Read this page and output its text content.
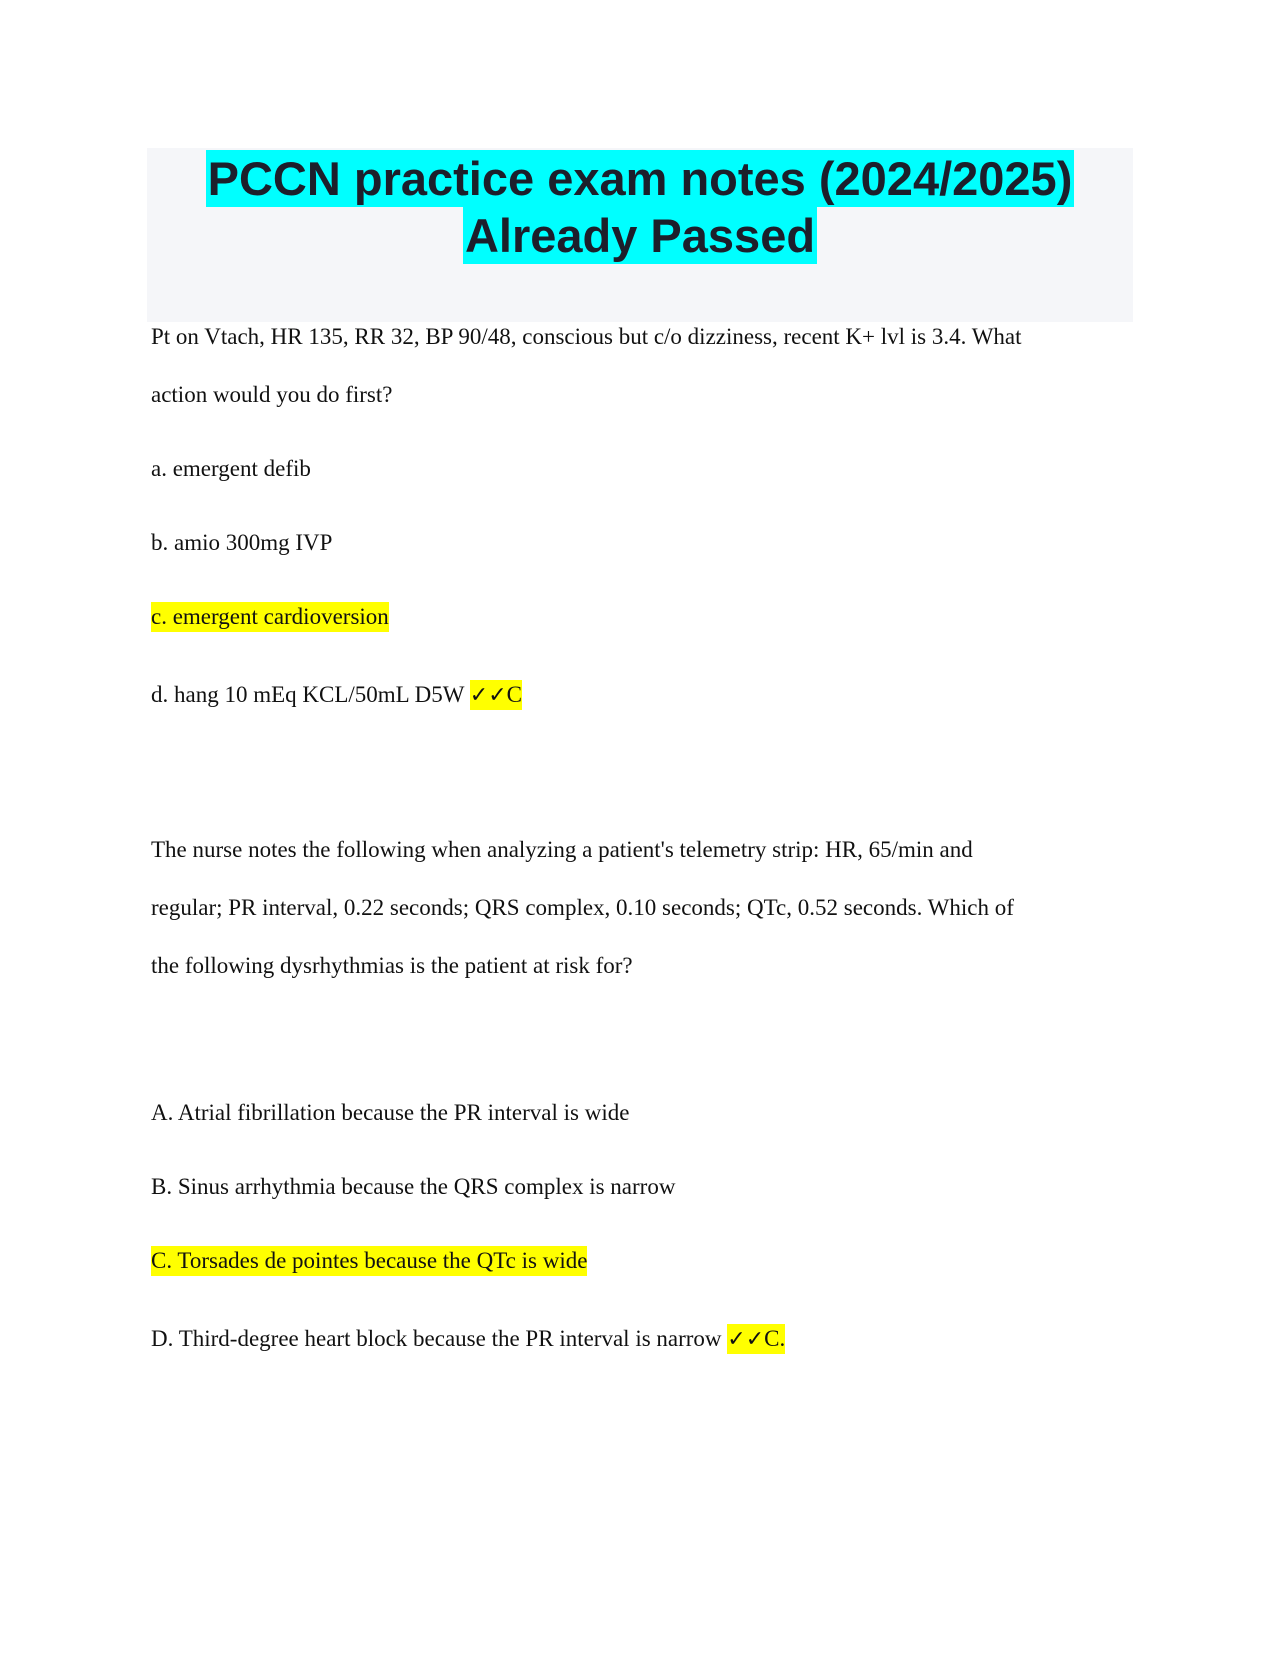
PCCN practice exam notes (2024/2025)
Already Passed
Pt on Vtach, HR 135, RR 32, BP 90/48, conscious but c/o dizziness, recent K+ lvl is 3.4. What
action would you do first?
a. emergent defib
b. amio 300mg IVP
c. emergent cardioversion
d. hang 10 mEq KCL/50mL D5W ✓✓C
The nurse notes the following when analyzing a patient's telemetry strip: HR, 65/min and
regular; PR interval, 0.22 seconds; QRS complex, 0.10 seconds; QTc, 0.52 seconds. Which of
the following dysrhythmias is the patient at risk for?
A. Atrial fibrillation because the PR interval is wide
B. Sinus arrhythmia because the QRS complex is narrow
C. Torsades de pointes because the QTc is wide
D. Third-degree heart block because the PR interval is narrow ✓✓C.
